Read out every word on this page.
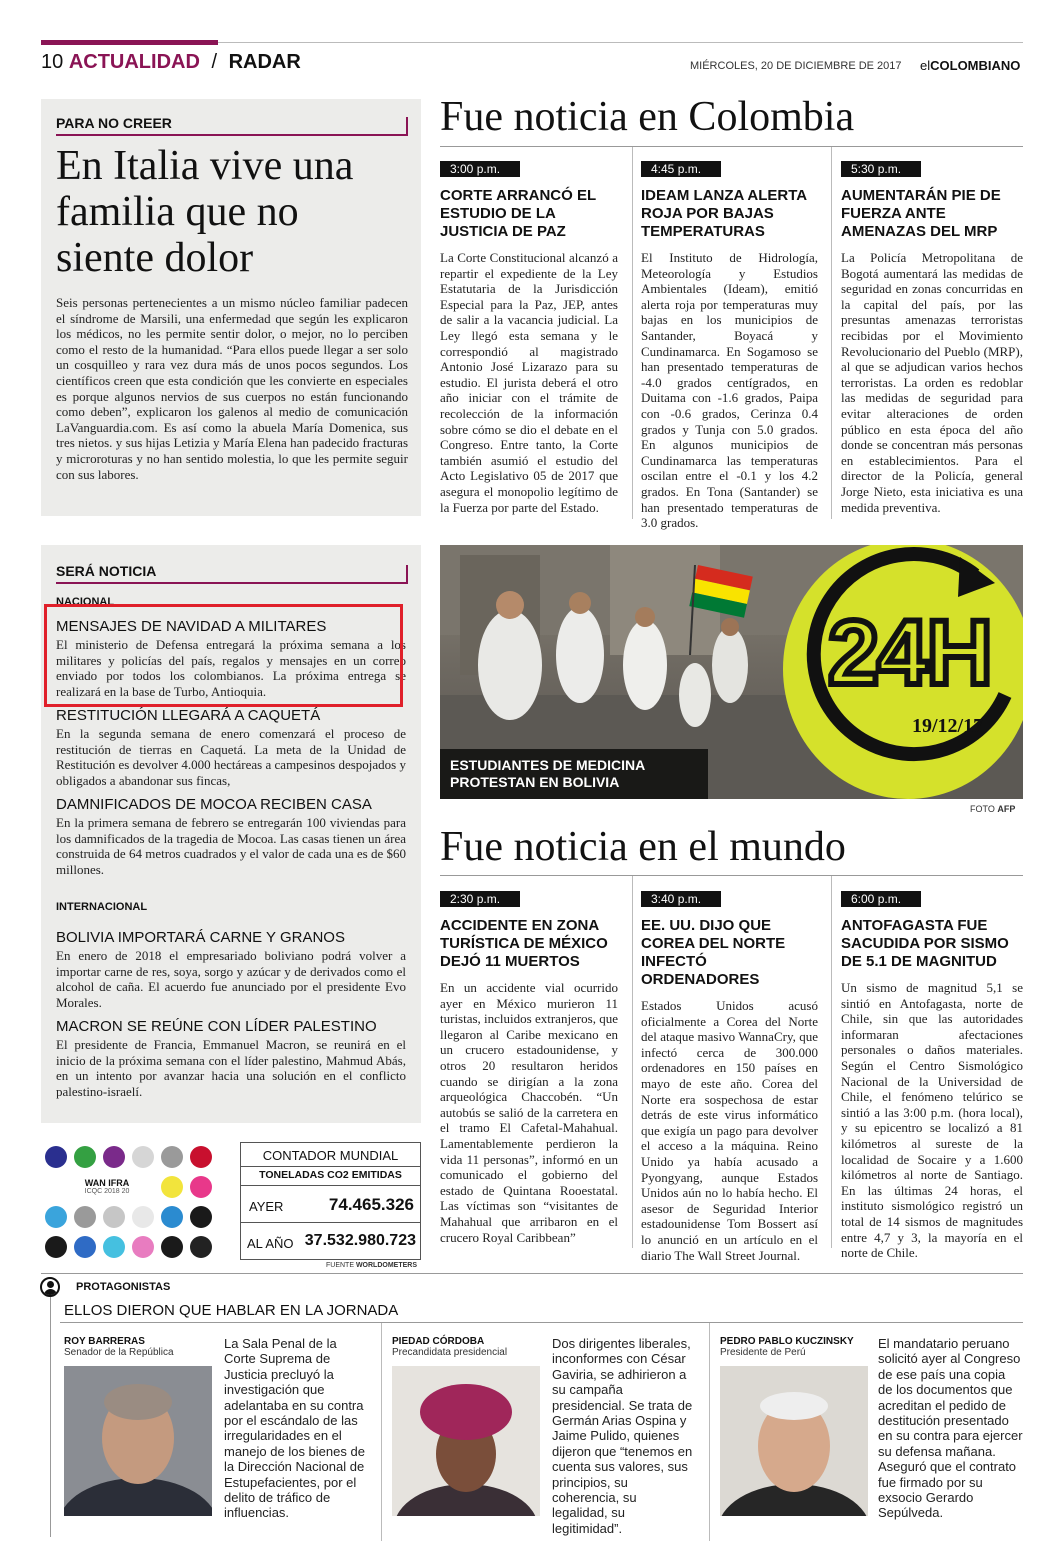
10 ACTUALIDAD / RADAR	MIÉRCOLES, 20 DE DICIEMBRE DE 2017 elCOLOMBIANO
PARA NO CREER
En Italia vive una familia que no siente dolor

Seis personas pertenecientes a un mismo núcleo familiar padecen el síndrome de Marsili, una enfermedad que según les explicaron los médicos, no les permite sentir dolor, o mejor, no lo perciben como el resto de la humanidad. “Para ellos puede llegar a ser solo un cosquilleo y rara vez dura más de unos pocos segundos. Los científicos creen que esta condición que les convierte en especiales es porque algunos nervios de sus cuerpos no están funcionando como deben”, explicaron los galenos al medio de comunicación LaVanguardia.com. Es así como la abuela María Domenica, sus tres nietos. y sus hijas Letizia y María Elena han padecido fracturas y microroturas y no han sentido molestia, lo que les permite seguir con sus labores.

Fue noticia en Colombia
3:00 p.m.
CORTE ARRANCÓ EL ESTUDIO DE LA JUSTICIA DE PAZ

La Corte Constitucional alcanzó a repartir el expediente de la Ley Estatutaria de la Jurisdicción Especial para la Paz, JEP, antes de salir a la vacancia judicial. La Ley llegó esta semana y le correspondió al magistrado Antonio José Lizarazo para su estudio. El jurista deberá el otro año iniciar con el trámite de recolección de la información sobre cómo se dio el debate en el Congreso. Entre tanto, la Corte también asumió el estudio del Acto Legislativo 05 de 2017 que asegura el monopolio legítimo de la Fuerza por parte del Estado.

4:45 p.m.
IDEAM LANZA ALERTA ROJA POR BAJAS TEMPERATURAS

El Instituto de Hidrología, Meteorología y Estudios Ambientales (Ideam), emitió alerta roja por temperaturas muy bajas en los municipios de Santander, Boyacá y Cundinamarca. En Sogamoso se han presentado temperaturas de -4.0 grados centígrados, en Duitama con -1.6 grados, Paipa con -0.6 grados, Cerinza 0.4 grados y Tunja con 5.0 grados. En algunos municipios de Cundinamarca las temperaturas oscilan entre el -0.1 y los 4.2 grados. En Tona (Santander) se han presentado temperaturas de 3.0 grados.

5:30 p.m.
AUMENTARÁN PIE DE FUERZA ANTE AMENAZAS DEL MRP

La Policía Metropolitana de Bogotá aumentará las medidas de seguridad en zonas concurridas en la capital del país, por las presuntas amenazas terroristas recibidas por el Movimiento Revolucionario del Pueblo (MRP), al que se adjudican varios hechos terroristas. La orden es redoblar las medidas de seguridad para evitar alteraciones de orden público en esta época del año donde se concentran más personas en establecimientos. Para el director de la Policía, general Jorge Nieto, esta iniciativa es una medida preventiva.

SERÁ NOTICIA
NACIONAL
MENSAJES DE NAVIDAD A MILITARES

El ministerio de Defensa entregará la próxima semana a los militares y policías del país, regalos y mensajes en un correo enviado por todos los colombianos. La próxima entrega se realizará en la base de Turbo, Antioquia.

RESTITUCIÓN LLEGARÁ A CAQUETÁ

En la segunda semana de enero comenzará el proceso de restitución de tierras en Caquetá. La meta de la Unidad de Restitución es devolver 4.000 hectáreas a campesinos despojados y obligados a abandonar sus fincas,

DAMNIFICADOS DE MOCOA RECIBEN CASA

En la primera semana de febrero se entregarán 100 viviendas para los damnificados de la tragedia de Mocoa. Las casas tienen un área construida de 64 metros cuadrados y el valor de cada una es de $60 millones.

INTERNACIONAL
BOLIVIA IMPORTARÁ CARNE Y GRANOS

En enero de 2018 el empresariado boliviano podrá volver a importar carne de res, soya, sorgo y azúcar y de derivados como el alcohol de caña. El acuerdo fue anunciado por el presidente Evo Morales.

MACRON SE REÚNE CON LÍDER PALESTINO

El presidente de Francia, Emmanuel Macron, se reunirá en el inicio de la próxima semana con el líder palestino, Mahmud Abás, en un intento por avanzar hacia una solución en el conflicto palestino-israelí.

24H
19/12/17
ESTUDIANTES DE MEDICINA PROTESTAN EN BOLIVIA
FOTO AFP
Fue noticia en el mundo
2:30 p.m.
ACCIDENTE EN ZONA TURÍSTICA DE MÉXICO DEJÓ 11 MUERTOS

En un accidente vial ocurrido ayer en México murieron 11 turistas, incluidos extranjeros, que llegaron al Caribe mexicano en un crucero estadounidense, y otros 20 resultaron heridos cuando se dirigían a la zona arqueológica Chaccobén. “Un autobús se salió de la carretera en el tramo El Cafetal-Mahahual. Lamentablemente perdieron la vida 11 personas”, informó en un comunicado el gobierno del estado de Quintana Rooestatal. Las víctimas son “visitantes de Mahahual que arribaron en el crucero Royal Caribbean”

3:40 p.m.
EE. UU. DIJO QUE COREA DEL NORTE INFECTÓ ORDENADORES

Estados Unidos acusó oficialmente a Corea del Norte del ataque masivo WannaCry, que infectó cerca de 300.000 ordenadores en 150 países en mayo de este año. Corea del Norte era sospechosa de estar detrás de este virus informático que exigía un pago para devolver el acceso a la máquina. Reino Unido ya había acusado a Pyongyang, aunque Estados Unidos aún no lo había hecho. El asesor de Seguridad Interior estadounidense Tom Bossert así lo anunció en un artículo en el diario The Wall Street Journal.

6:00 p.m.
ANTOFAGASTA FUE SACUDIDA POR SISMO DE 5.1 DE MAGNITUD

Un sismo de magnitud 5,1 se sintió en Antofagasta, norte de Chile, sin que las autoridades informaran afectaciones personales o daños materiales. Según el Centro Sismológico Nacional de la Universidad de Chile, el fenómeno telúrico se sintió a las 3:00 p.m. (hora local), y su epicentro se localizó a 81 kilómetros al sureste de la localidad de Socaire y a 1.600 kilómetros al norte de Santiago. En las últimas 24 horas, el instituto sismológico registró un total de 14 sismos de magnitudes entre 4,7 y 3, la mayoría en el norte de Chile.

WAN IFRA
ICQC 2018 20
CONTADOR MUNDIAL
TONELADAS CO2 EMITIDAS
AYER	74.465.326
AL AÑO 37.532.980.723
FUENTE WORLDOMETERS
PROTAGONISTAS
ELLOS DIERON QUE HABLAR EN LA JORNADA
ROY BARRERAS
Senador de la República

La Sala Penal de la Corte Suprema de Justicia precluyó la investigación que adelantaba en su contra por el escándalo de las irregularidades en el manejo de los bienes de la Dirección Nacional de Estupefacientes, por el delito de tráfico de influencias.

PIEDAD CÓRDOBA
Precandidata presidencial

Dos dirigentes liberales, inconformes con César Gaviria, se adhirieron a su campaña presidencial. Se trata de Germán Arias Ospina y Jaime Pulido, quienes dijeron que “tenemos en cuenta sus valores, sus principios, su coherencia, su legalidad, su legitimidad”.

PEDRO PABLO KUCZINSKY
Presidente de Perú

El mandatario peruano solicitó ayer al Congreso de ese país una copia de los documentos que acreditan el pedido de destitución presentado en su contra para ejercer su defensa mañana. Aseguró que el contrato fue firmado por su exsocio Gerardo Sepúlveda.
